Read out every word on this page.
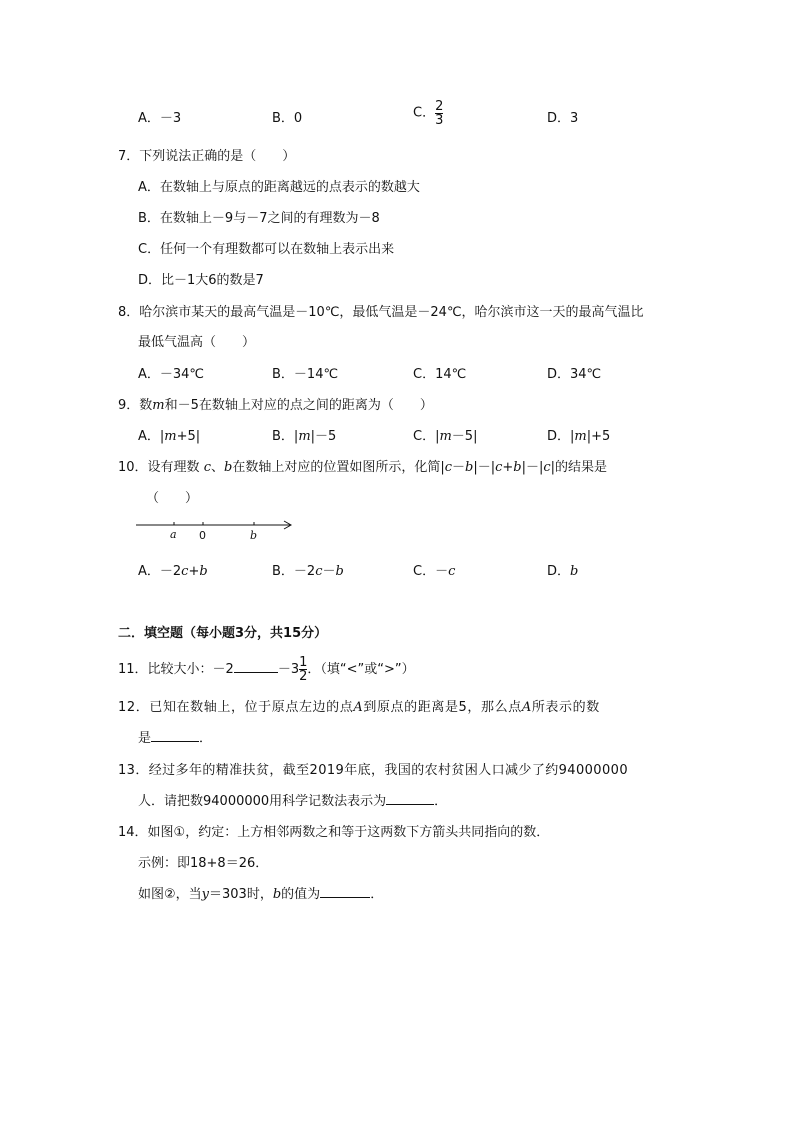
A．－3	B．0	C． $\frac{2}{3}$	D．3
7．下列说法正确的是（　　）
A．在数轴上与原点的距离越远的点表示的数越大
B．在数轴上－9与－7之间的有理数为－8
C．任何一个有理数都可以在数轴上表示出来
D．比－1大6的数是7
8．哈尔滨市某天的最高气温是－10℃，最低气温是－24℃，哈尔滨市这一天的最高气温比
最低气温高（　　）
A．－34℃	B．－14℃	C．14℃	D．34℃
9．数m和－5在数轴上对应的点之间的距离为（　　）
A．|m+5|	B．|m|－5	C．|m－5|	D．|m|+5
10．设有理数 c、b在数轴上对应的位置如图所示，化简|c－b|－|c+b|－|c|的结果是
（　　）
a 0	b
A．－2c+b	B．－2c－b	C．－c	D．b
二．填空题（每小题3分，共15分）
11．比较大小：－2	$-3 \frac{1}{2}$ ．（填“<”或“>”）
12．已知在数轴上，位于原点左边的点A到原点的距离是5，那么点A所表示的数
是	．
13．经过多年的精准扶贫，截至2019年底，我国的农村贫困人口减少了约94000000
人．请把数94000000用科学记数法表示为	．
14．如图①，约定：上方相邻两数之和等于这两数下方箭头共同指向的数．
示例：即18+8＝26．
如图②，当y＝303时，b的值为	．
